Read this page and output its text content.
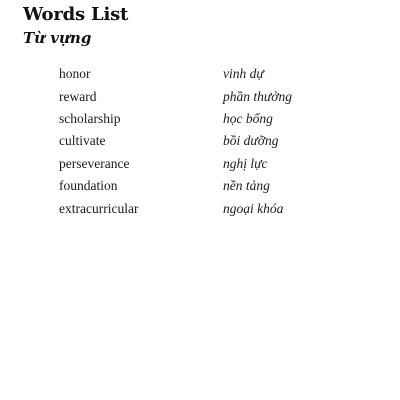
Words List
Từ vựng
honor	vinh dự
reward	phần thưởng
scholarship	học bổng
cultivate	bồi dưỡng
perseverance	nghị lực
foundation	nền tảng
extracurricular	ngoại khóa
